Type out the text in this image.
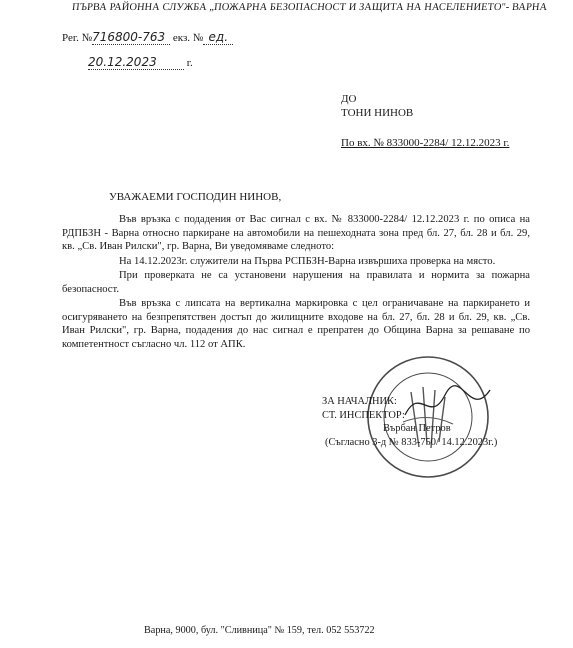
ПЪРВА РАЙОННА СЛУЖБА „ПОЖАРНА БЕЗОПАСНОСТ И ЗАЩИТА НА НАСЕЛЕНИЕТО"- ВАРНА
Рег. №716800-763 екз. № ед.
20.12.2023	г.
ДО
ТОНИ НИНОВ
По вх. № 833000-2284/ 12.12.2023 г.
УВАЖАЕМИ ГОСПОДИН НИНОВ,
Във връзка с подадения от Вас сигнал с вх. № 833000-2284/ 12.12.2023 г. по описа на РДПБЗН - Варна относно паркиране на автомобили на пешеходната зона пред бл. 27, бл. 28 и бл. 29, кв. „Св. Иван Рилски", гр. Варна, Ви уведомяваме следното:
На 14.12.2023г. служители на Първа РСПБЗН-Варна извършиха проверка на място.
При проверката не са установени нарушения на правилата и нормита за пожарна безопасност.
Във връзка с липсата на вертикална маркировка с цел ограничаване на паркирането и осигуряването на безпрепятствен достъп до жилищните входове на бл. 27, бл. 28 и бл. 29, кв. „Св. Иван Рилски", гр. Варна, подадения до нас сигнал е препратен до Община Варна за решаване по компетентност съгласно чл. 112 от АПК.
ЗА НАЧАЛНИК:
СТ. ИНСПЕКТОР:
Върбан Петров
(Съгласно 3-д № 833-750/ 14.12.2023г.)
Варна, 9000, бул. "Сливница" № 159, тел. 052 553722
